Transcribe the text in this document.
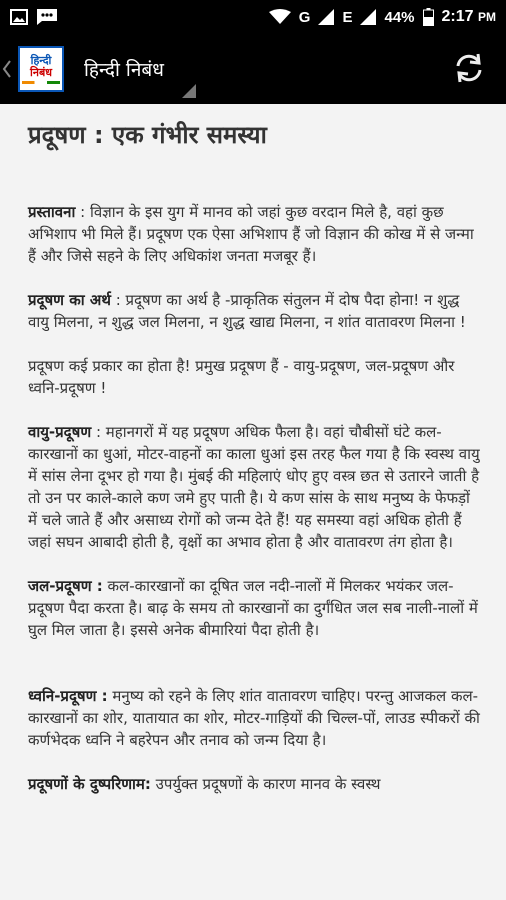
G E 44% 2:17 PM
हिन्दी
निबंध हिन्दी निबंध
प्रदूषण : एक गंभीर समस्या

प्रस्तावना : विज्ञान के इस युग में मानव को जहां कुछ वरदान मिले है, वहां कुछ अभिशाप भी मिले हैं। प्रदूषण एक ऐसा अभिशाप हैं जो विज्ञान की कोख में से जन्मा हैं और जिसे सहने के लिए अधिकांश जनता मजबूर हैं।

प्रदूषण का अर्थ : प्रदूषण का अर्थ है -प्राकृतिक संतुलन में दोष पैदा होना! न शुद्ध वायु मिलना, न शुद्ध जल मिलना, न शुद्ध खाद्य मिलना, न शांत वातावरण मिलना !

प्रदूषण कई प्रकार का होता है! प्रमुख प्रदूषण हैं - वायु-प्रदूषण, जल-प्रदूषण और ध्वनि-प्रदूषण !

वायु-प्रदूषण : महानगरों में यह प्रदूषण अधिक फैला है। वहां चौबीसों घंटे कल-कारखानों का धुआं, मोटर-वाहनों का काला धुआं इस तरह फैल गया है कि स्वस्थ वायु में सांस लेना दूभर हो गया है। मुंबई की महिलाएं धोए हुए वस्त्र छत से उतारने जाती है तो उन पर काले-काले कण जमे हुए पाती है। ये कण सांस के साथ मनुष्य के फेफड़ों में चले जाते हैं और असाध्य रोगों को जन्म देते हैं! यह समस्या वहां अधिक होती हैं जहां सघन आबादी होती है, वृक्षों का अभाव होता है और वातावरण तंग होता है।

जल-प्रदूषण : कल-कारखानों का दूषित जल नदी-नालों में मिलकर भयंकर जल-प्रदूषण पैदा करता है। बाढ़ के समय तो कारखानों का दुर्गंधित जल सब नाली-नालों में घुल मिल जाता है। इससे अनेक बीमारियां पैदा होती है।

ध्वनि-प्रदूषण : मनुष्य को रहने के लिए शांत वातावरण चाहिए। परन्तु आजकल कल-कारखानों का शोर, यातायात का शोर, मोटर-गाड़ियों की चिल्ल-पों, लाउड स्पीकरों की कर्णभेदक ध्वनि ने बहरेपन और तनाव को जन्म दिया है।

प्रदूषणों के दुष्परिणाम: उपर्युक्त प्रदूषणों के कारण मानव के स्वस्थ
